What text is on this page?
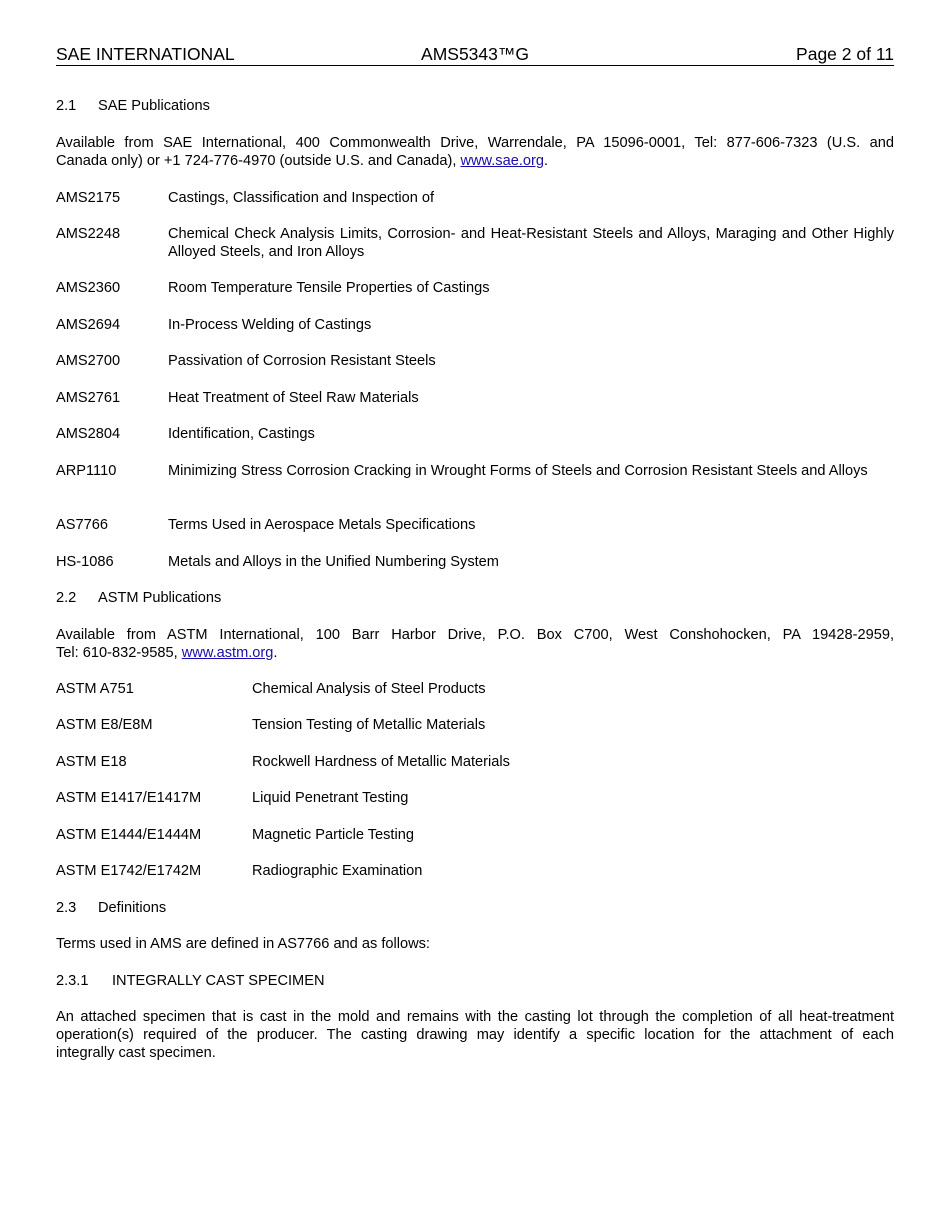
SAE INTERNATIONAL	AMS5343™G	Page 2 of 11
2.1 SAE Publications
Available from SAE International, 400 Commonwealth Drive, Warrendale, PA 15096-0001, Tel: 877-606-7323 (U.S. and
Canada only) or +1 724-776-4970 (outside U.S. and Canada), www.sae.org.
AMS2175	Castings, Classification and Inspection of
AMS2248	Chemical Check Analysis Limits, Corrosion- and Heat-Resistant Steels and Alloys, Maraging and Other Highly Alloyed Steels, and Iron Alloys
AMS2360	Room Temperature Tensile Properties of Castings
AMS2694	In-Process Welding of Castings
AMS2700	Passivation of Corrosion Resistant Steels
AMS2761	Heat Treatment of Steel Raw Materials
AMS2804	Identification, Castings
ARP1110	Minimizing Stress Corrosion Cracking in Wrought Forms of Steels and Corrosion Resistant Steels and Alloys
AS7766	Terms Used in Aerospace Metals Specifications
HS-1086	Metals and Alloys in the Unified Numbering System
2.2 ASTM Publications
Available from ASTM International, 100 Barr Harbor Drive, P.O. Box C700, West Conshohocken, PA 19428-2959,
Tel: 610-832-9585, www.astm.org.
ASTM A751	Chemical Analysis of Steel Products
ASTM E8/E8M	Tension Testing of Metallic Materials
ASTM E18	Rockwell Hardness of Metallic Materials
ASTM E1417/E1417M	Liquid Penetrant Testing
ASTM E1444/E1444M	Magnetic Particle Testing
ASTM E1742/E1742M	Radiographic Examination
2.3 Definitions
Terms used in AMS are defined in AS7766 and as follows:
2.3.1 INTEGRALLY CAST SPECIMEN
An attached specimen that is cast in the mold and remains with the casting lot through the completion of all heat-treatment
operation(s) required of the producer. The casting drawing may identify a specific location for the attachment of each
integrally cast specimen.
